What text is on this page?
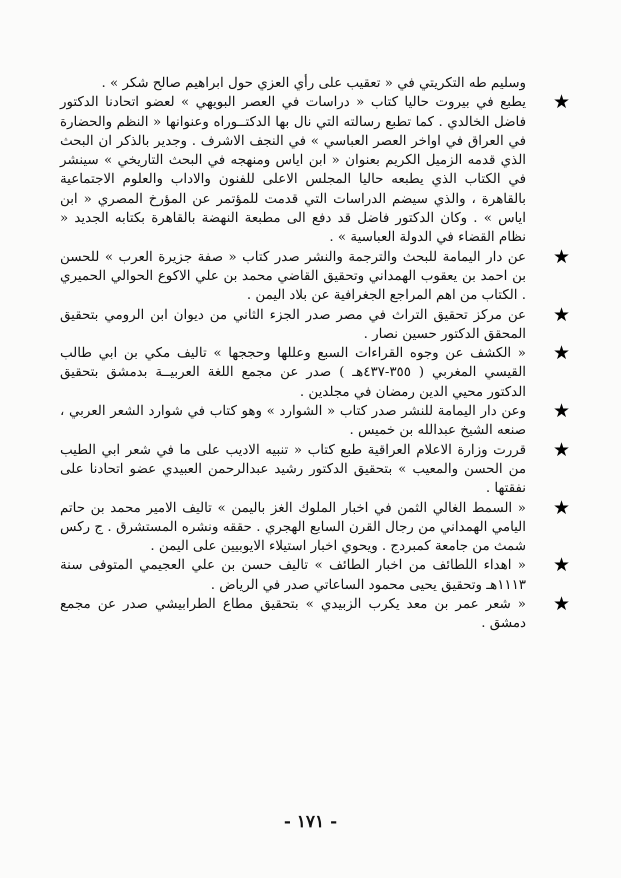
وسليم طه التكريتي في « تعقيب على رأي العزي حول ابراهيم صالح شكر » .
★
يطبع في بيروت حاليا كتاب « دراسات في العصر البويهي » لعضو اتحادنا الدكتور فاضل الخالدي . كما تطبع رسالته التي نال بها الدكتــوراه وعنوانها « النظم والحضارة في العراق في اواخر العصر العباسي » في النجف الاشرف . وجدير بالذكر ان البحث الذي قدمه الزميل الكريم بعنوان « ابن اياس ومنهجه في البحث التاريخي » سينشر في الكتاب الذي يطبعه حاليا المجلس الاعلى للفنون والاداب والعلوم الاجتماعية بالقاهرة ، والذي سيضم الدراسات التي قدمت للمؤتمر عن المؤرخ المصري « ابن اياس » . وكان الدكتور فاضل قد دفع الى مطبعة النهضة بالقاهرة بكتابه الجديد « نظام القضاء في الدولة العباسية » .
★
عن دار اليمامة للبحث والترجمة والنشر صدر كتاب « صفة جزيرة العرب » للحسن بن احمد بن يعقوب الهمداني وتحقيق القاضي محمد بن علي الاكوع الحوالي الحميري . الكتاب من اهم المراجع الجغرافية عن بلاد اليمن .
★
عن مركز تحقيق التراث في مصر صدر الجزء الثاني من ديوان ابن الرومي بتحقيق المحقق الدكتور حسين نصار .
★
« الكشف عن وجوه القراءات السبع وعللها وحججها » تاليف مكي بن ابي طالب القيسي المغربي ( ٣٥٥-٤٣٧هـ ) صدر عن مجمع اللغة العربيــة بدمشق بتحقيق الدكتور محيي الدين رمضان في مجلدين .
★
وعن دار اليمامة للنشر صدر كتاب « الشوارد » وهو كتاب في شوارد الشعر العربي ، صنعه الشيخ عبدالله بن خميس .
★
قررت وزارة الاعلام العراقية طبع كتاب « تنبيه الاديب على ما في شعر ابي الطيب من الحسن والمعيب » بتحقيق الدكتور رشيد عبدالرحمن العبيدي عضو اتحادنا على نفقتها .
★
« السمط الغالي الثمن في اخبار الملوك الغز باليمن » تاليف الامير محمد بن حاتم اليامي الهمداني من رجال القرن السابع الهجري . حققه ونشره المستشرق . ج ركس شمث من جامعة كمبردج . ويحوي اخبار استيلاء الايوبيين على اليمن .
★
« اهداء اللطائف من اخبار الطائف » تاليف حسن بن علي العجيمي المتوفى سنة ١١١٣هـ وتحقيق يحيى محمود الساعاتي صدر في الرياض .
★
« شعر عمر بن معد يكرب الزبيدي » بتحقيق مطاع الطرابيشي صدر عن مجمع دمشق .
- ١٧١ -
